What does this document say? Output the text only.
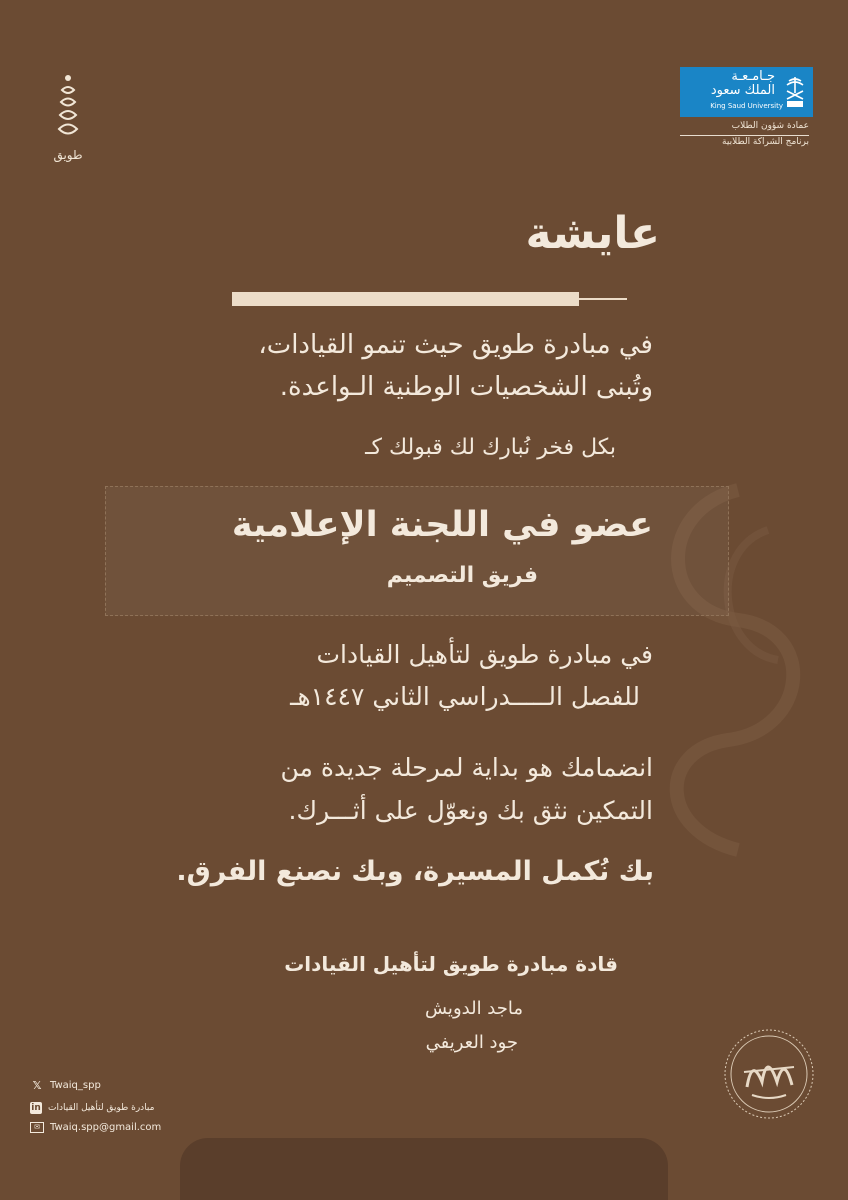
طويق
جـامـعـة
الملك سعود
King Saud University
عمادة شؤون الطلاب
برنامج الشراكة الطلابية
عايشة
في مبادرة طويق حيث تنمو القيادات،
وتُبنى الشخصيات الوطنية الـواعدة.
بكل فخر نُبارك لك قبولك كـ
عضو في اللجنة الإعلامية
فريق التصميم
في مبادرة طويق لتأهيل القيادات
للفصل الـــــدراسي الثاني ١٤٤٧هـ
انضمامك هو بداية لمرحلة جديدة من
التمكين نثق بك ونعوّل على أثـــرك.
بك نُكمل المسيرة، وبك نصنع الفرق.
قادة مبادرة طويق لتأهيل القيادات
ماجد الدويش
جود العريفي
𝕏 Twaiq_spp
in مبادرة طويق لتأهيل القيادات
✉	Twaiq.spp@gmail.com
